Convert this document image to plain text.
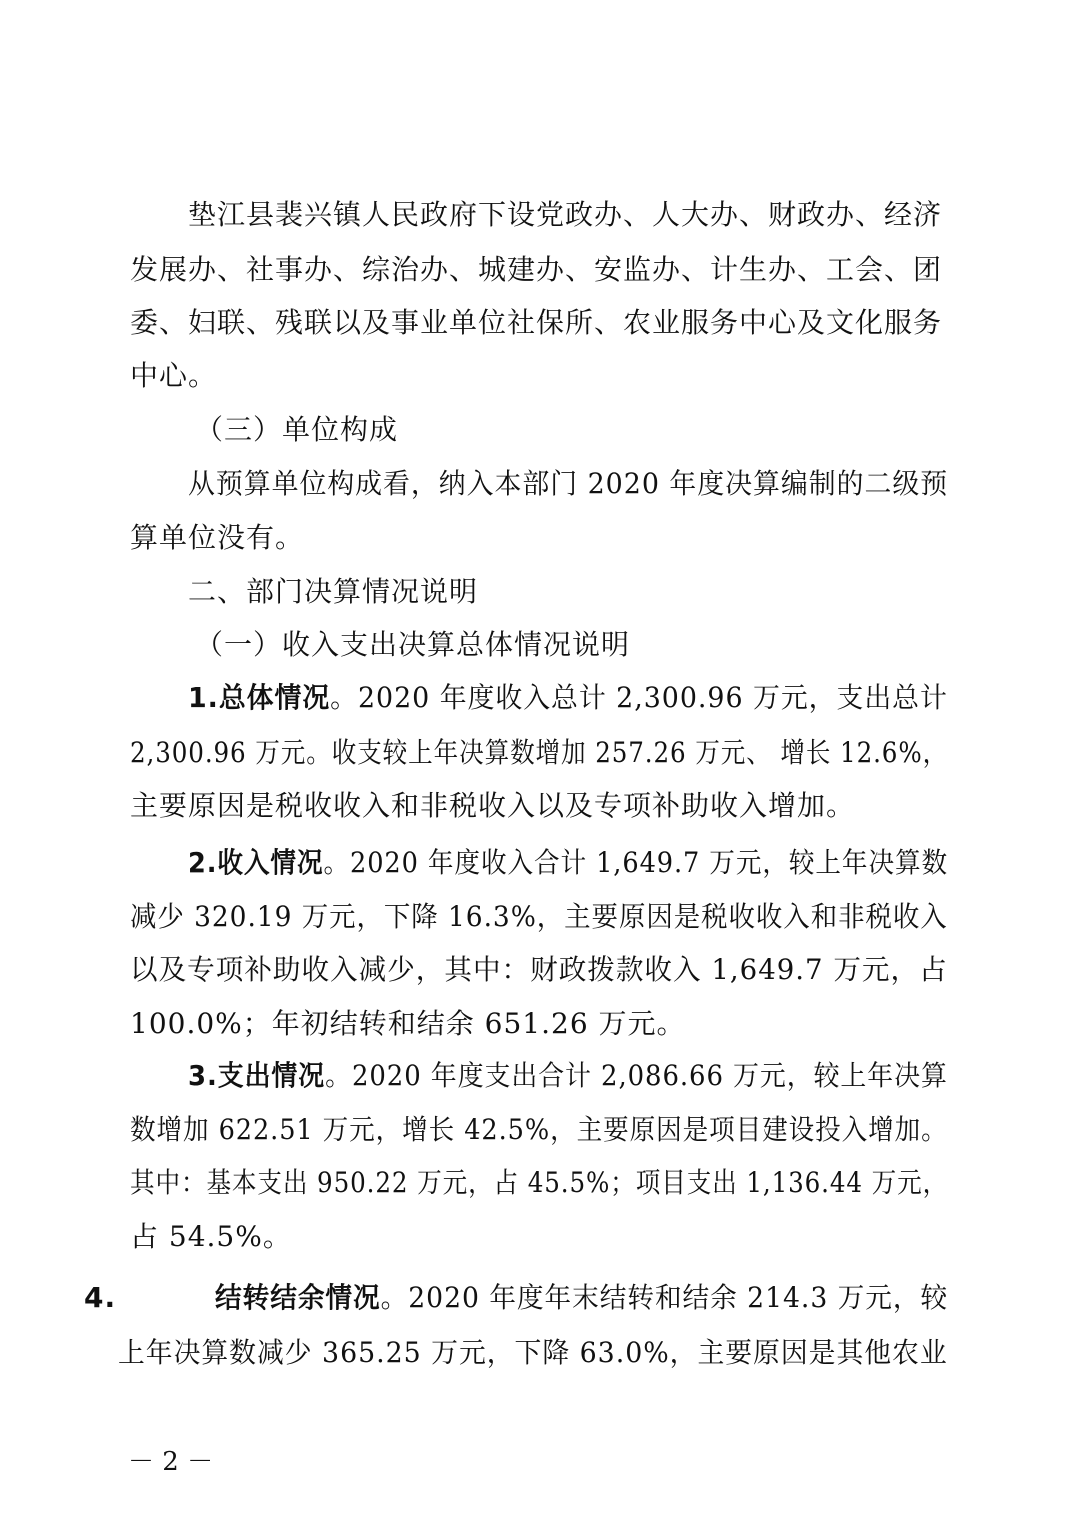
垫江县裴兴镇人民政府下设党政办、人大办、财政办、经济
发展办、社事办、综治办、城建办、安监办、计生办、工会、团
委、妇联、残联以及事业单位社保所、农业服务中心及文化服务
中心。
（三）单位构成
从预算单位构成看，纳入本部门 2020 年度决算编制的二级预
算单位没有。
二、部门决算情况说明
（一）收入支出决算总体情况说明
1.总体情况。2020 年度收入总计 2,300.96 万元，支出总计
2,300.96 万元。收支较上年决算数增加 257.26 万元、 增长 12.6%，
主要原因是税收收入和非税收入以及专项补助收入增加。
2.收入情况。2020 年度收入合计 1,649.7 万元，较上年决算数
减少 320.19 万元，下降 16.3%，主要原因是税收收入和非税收入
以及专项补助收入减少，其中：财政拨款收入 1,649.7 万元，占
100.0%；年初结转和结余 651.26 万元。
3.支出情况。2020 年度支出合计 2,086.66 万元，较上年决算
数增加 622.51 万元，增长 42.5%，主要原因是项目建设投入增加。
其中：基本支出 950.22 万元，占 45.5%；项目支出 1,136.44 万元，
占 54.5%。
4.	结转结余情况。2020 年度年末结转和结余 214.3 万元，较
上年决算数减少 365.25 万元，下降 63.0%，主要原因是其他农业
－ 2 －
